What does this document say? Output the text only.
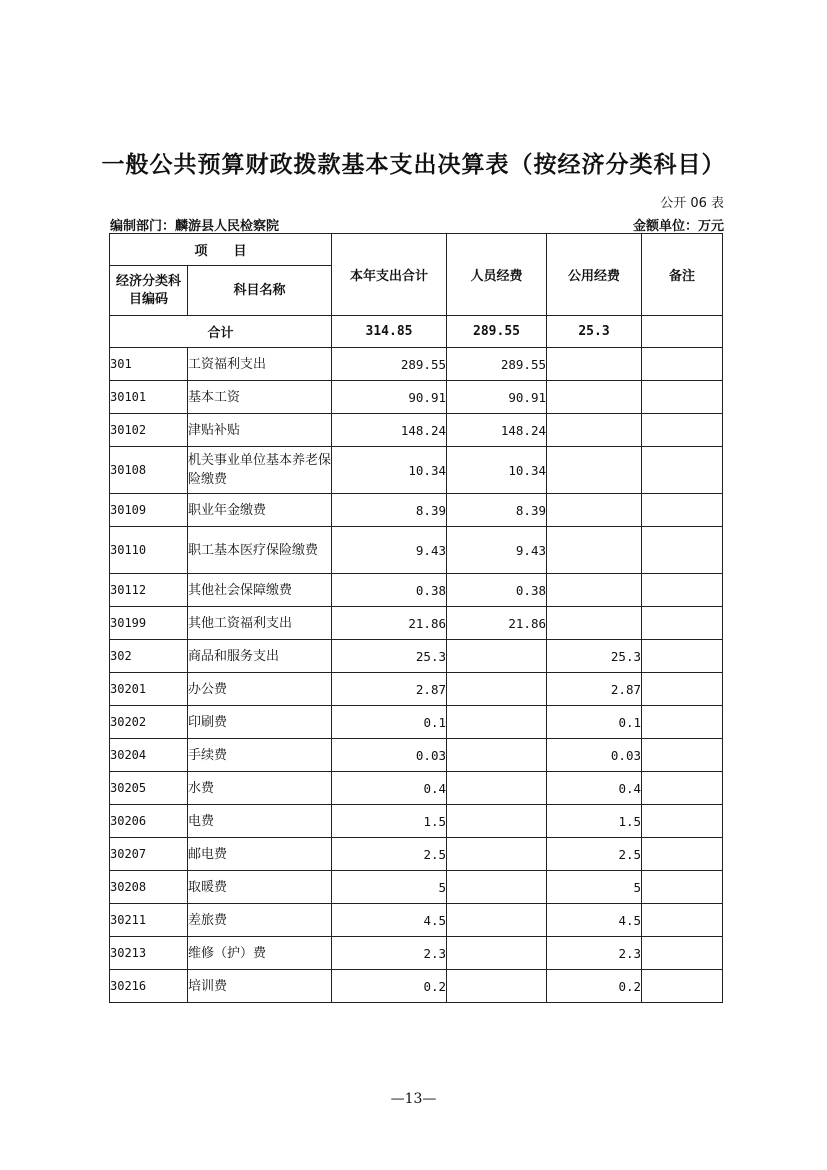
一般公共预算财政拨款基本支出决算表（按经济分类科目）
公开 06 表
编制部门：麟游县人民检察院	金额单位：万元
项　　目		本年支出合计	人员经费	公用经费	备注
经济分类科目编码	科目名称				
合计		314.85	289.55	25.3	
301	工资福利支出	289.55	289.55		
30101	基本工资	90.91	90.91		
30102	津贴补贴	148.24	148.24		
30108	机关事业单位基本养老保险缴费	10.34	10.34		
30109	职业年金缴费	8.39	8.39		
30110	职工基本医疗保险缴费	9.43	9.43		
30112	其他社会保障缴费	0.38	0.38		
30199	其他工资福利支出	21.86	21.86		
302	商品和服务支出	25.3		25.3	
30201	办公费	2.87		2.87	
30202	印刷费	0.1		0.1	
30204	手续费	0.03		0.03	
30205	水费	0.4		0.4	
30206	电费	1.5		1.5	
30207	邮电费	2.5		2.5	
30208	取暖费	5		5	
30211	差旅费	4.5		4.5	
30213	维修（护）费	2.3		2.3	
30216	培训费	0.2		0.2	
—13—
